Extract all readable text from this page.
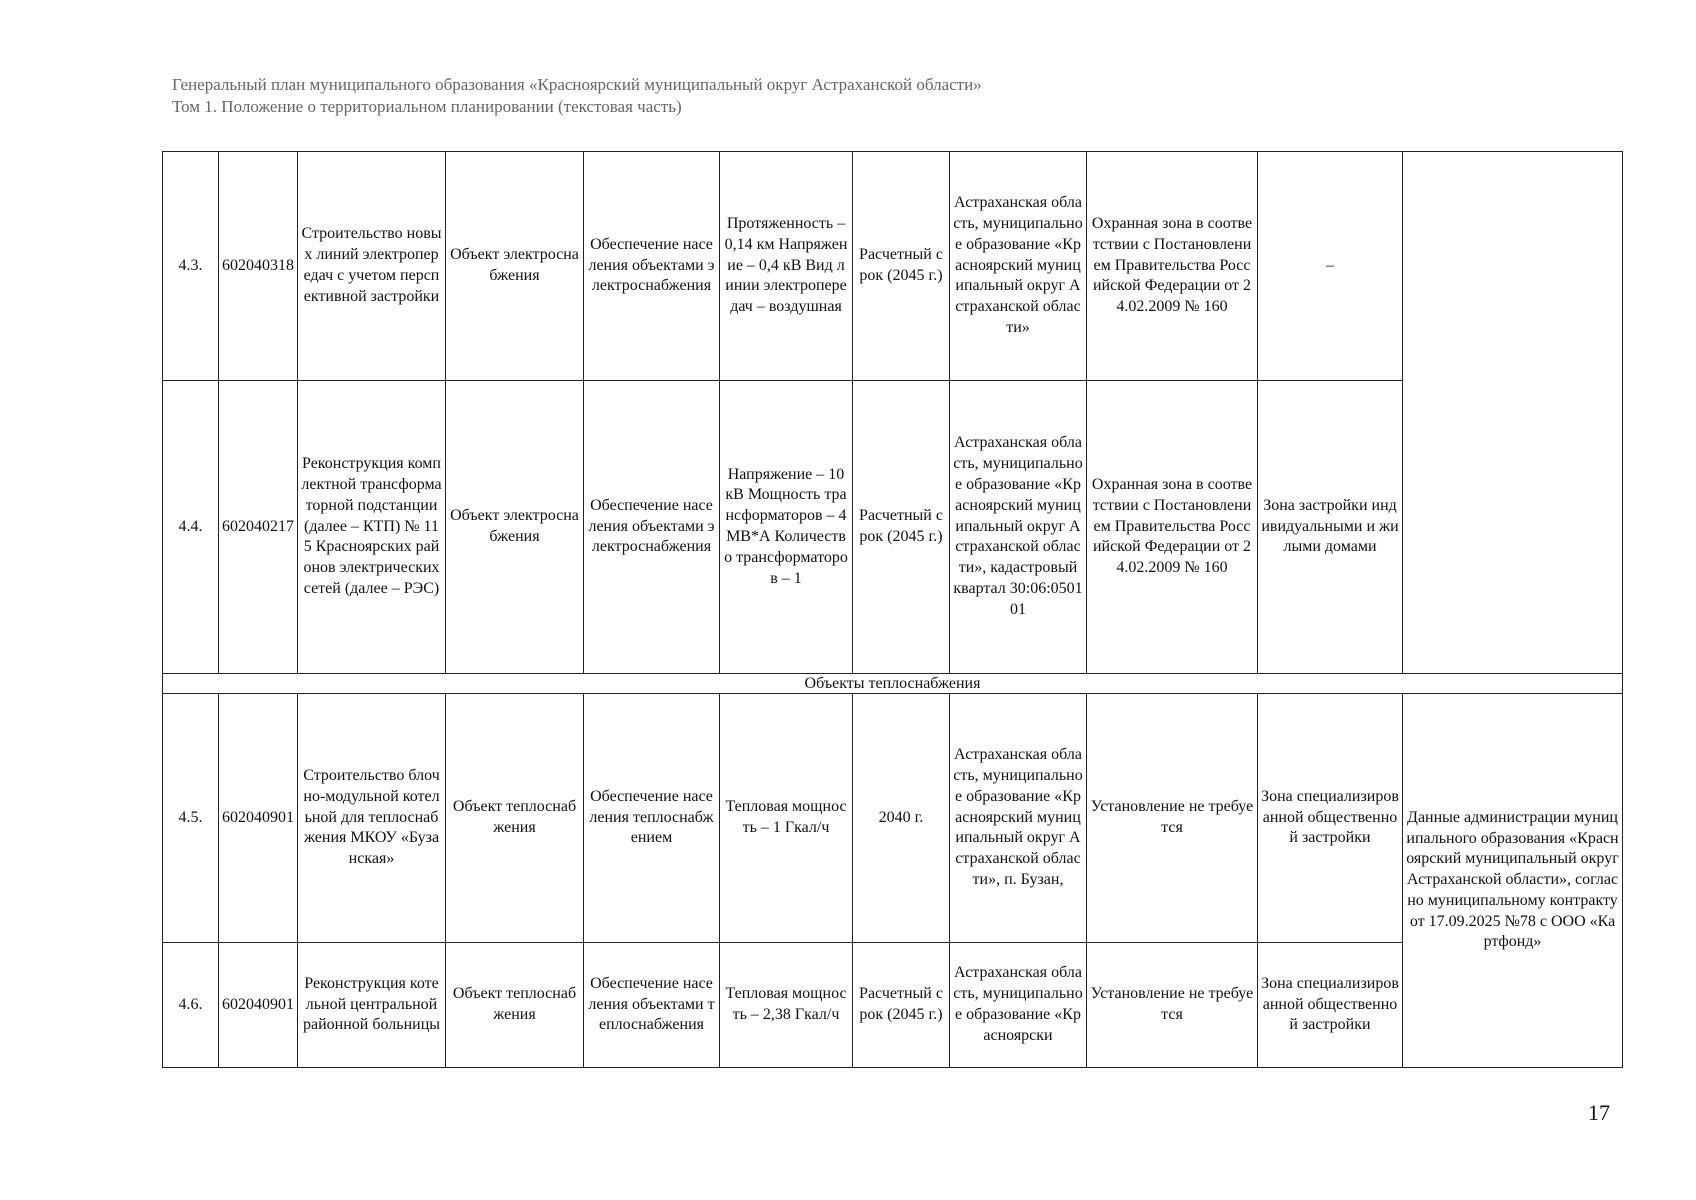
Генеральный план муниципального образования «Красноярский муниципальный округ Астраханской области»
Том 1. Положение о территориальном планировании (текстовая часть)
4.3.	602040318	Строительство новых линий электропередач с учетом перспективной застройки	Объект электроснабжения	Обеспечение населения объектами электроснабжения	Протяженность – 0,14 км Напряжение – 0,4 кВ Вид линии электропередач – воздушная	Расчетный срок (2045 г.)	Астраханская область, муниципальное образование «Красноярский муниципальный округ Астраханской области»	Охранная зона в соответствии с Постановлением Правительства Российской Федерации от 24.02.2009 № 160	–	
4.4.	602040217	Реконструкция комплектной трансформаторной подстанции (далее – КТП) № 115 Красноярских районов электрических сетей (далее – РЭС)	Объект электроснабжения	Обеспечение населения объектами электроснабжения	Напряжение – 10 кВ Мощность трансформаторов – 4 МВ*А Количество трансформаторов – 1	Расчетный срок (2045 г.)	Астраханская область, муниципальное образование «Красноярский муниципальный округ Астраханской области», кадастровый квартал 30:06:050101	Охранная зона в соответствии с Постановлением Правительства Российской Федерации от 24.02.2009 № 160	Зона застройки индивидуальными и жилыми домами	
Объекты теплоснабжения										
4.5.	602040901	Строительство блочно-модульной котельной для теплоснабжения МКОУ «Бузанская»	Объект теплоснабжения	Обеспечение населения теплоснабжением	Тепловая мощность – 1 Гкал/ч	2040 г.	Астраханская область, муниципальное образование «Красноярский муниципальный округ Астраханской области», п. Бузан,	Установление не требуется	Зона специализированной общественной застройки	Данные администрации муниципального образования «Красноярский муниципальный округ Астраханской области», согласно муниципальному контракту от 17.09.2025 №78 с ООО «Картфонд»
4.6.	602040901	Реконструкция котельной центральной районной больницы	Объект теплоснабжения	Обеспечение населения объектами теплоснабжения	Тепловая мощность – 2,38 Гкал/ч	Расчетный срок (2045 г.)	Астраханская область, муниципальное образование «Красноярски	Установление не требуется	Зона специализированной общественной застройки	
17
